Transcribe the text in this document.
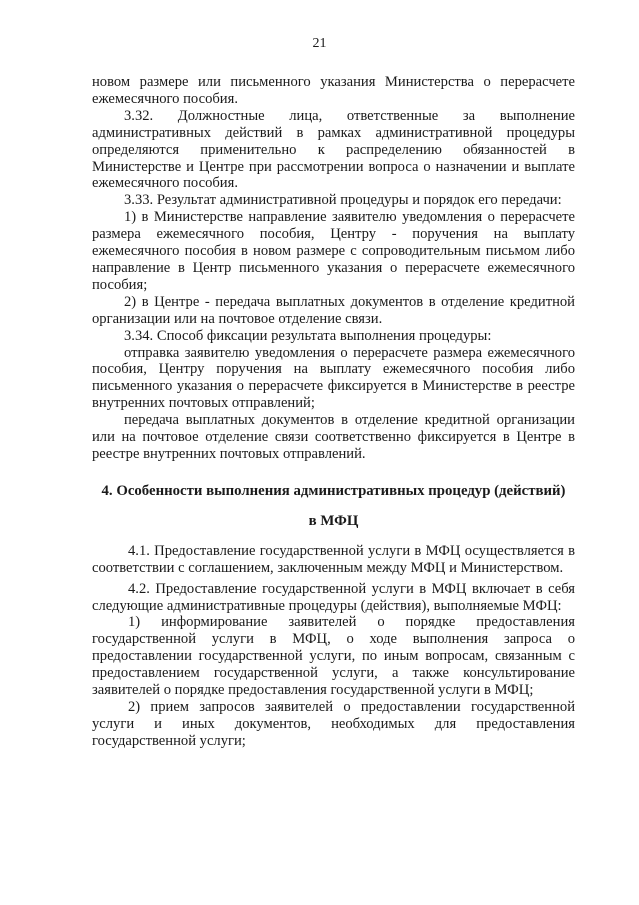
21

новом размере или письменного указания Министерства о перерасчете ежемесячного пособия.

3.32. Должностные лица, ответственные за выполнение административных действий в рамках административной процедуры определяются применительно к распределению обязанностей в Министерстве и Центре при рассмотрении вопроса о назначении и выплате ежемесячного пособия.

3.33. Результат административной процедуры и порядок его передачи:

1) в Министерстве направление заявителю уведомления о перерасчете размера ежемесячного пособия, Центру - поручения на выплату ежемесячного пособия в новом размере с сопроводительным письмом либо направление в Центр письменного указания о перерасчете ежемесячного пособия;

2) в Центре - передача выплатных документов в отделение кредитной организации или на почтовое отделение связи.

3.34. Способ фиксации результата выполнения процедуры:

отправка заявителю уведомления о перерасчете размера ежемесячного пособия, Центру поручения на выплату ежемесячного пособия либо письменного указания о перерасчете фиксируется в Министерстве в реестре внутренних почтовых отправлений;

передача выплатных документов в отделение кредитной организации или на почтовое отделение связи соответственно фиксируется в Центре в реестре внутренних почтовых отправлений.

4. Особенности выполнения административных процедур (действий)

в МФЦ

4.1. Предоставление государственной услуги в МФЦ осуществляется в соответствии с соглашением, заключенным между МФЦ и Министерством.

4.2. Предоставление государственной услуги в МФЦ включает в себя следующие административные процедуры (действия), выполняемые МФЦ:

1) информирование заявителей о порядке предоставления государственной услуги в МФЦ, о ходе выполнения запроса о предоставлении государственной услуги, по иным вопросам, связанным с предоставлением государственной услуги, а также консультирование заявителей о порядке предоставления государственной услуги в МФЦ;

2) прием запросов заявителей о предоставлении государственной услуги и иных документов, необходимых для предоставления государственной услуги;
